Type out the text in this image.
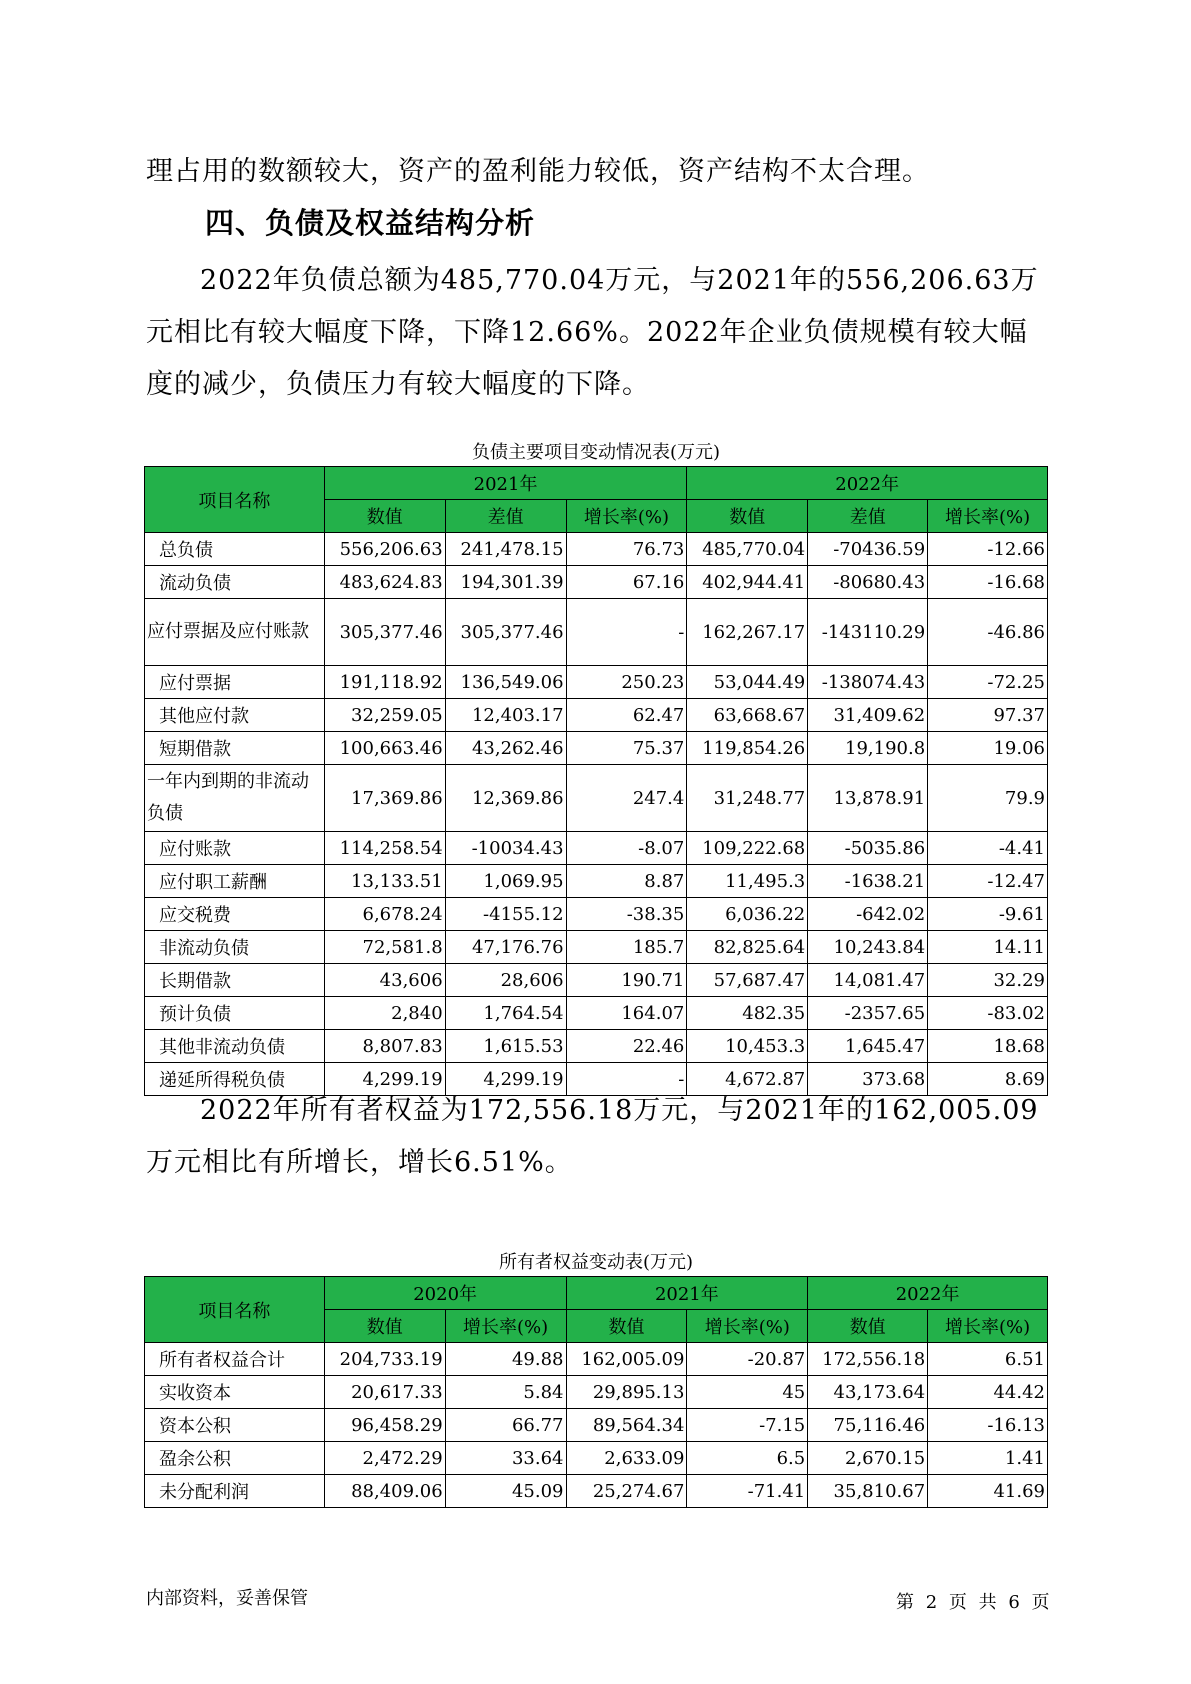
理占用的数额较大，资产的盈利能力较低，资产结构不太合理。
四、负债及权益结构分析
2022年负债总额为485,770.04万元，与2021年的556,206.63万元相比有较大幅度下降，下降12.66%。2022年企业负债规模有较大幅度的减少，负债压力有较大幅度的下降。
负债主要项目变动情况表(万元)
项目名称	2021年			2022年		
	数值	差值	增长率(%)	数值	差值	增长率(%)
总负债	556,206.63	241,478.15	76.73	485,770.04	-70436.59	-12.66
流动负债	483,624.83	194,301.39	67.16	402,944.41	-80680.43	-16.68
应付票据及应付账款	305,377.46	305,377.46	-	162,267.17	-143110.29	-46.86
应付票据	191,118.92	136,549.06	250.23	53,044.49	-138074.43	-72.25
其他应付款	32,259.05	12,403.17	62.47	63,668.67	31,409.62	97.37
短期借款	100,663.46	43,262.46	75.37	119,854.26	19,190.8	19.06
一年内到期的非流动负债	17,369.86	12,369.86	247.4	31,248.77	13,878.91	79.9
应付账款	114,258.54	-10034.43	-8.07	109,222.68	-5035.86	-4.41
应付职工薪酬	13,133.51	1,069.95	8.87	11,495.3	-1638.21	-12.47
应交税费	6,678.24	-4155.12	-38.35	6,036.22	-642.02	-9.61
非流动负债	72,581.8	47,176.76	185.7	82,825.64	10,243.84	14.11
长期借款	43,606	28,606	190.71	57,687.47	14,081.47	32.29
预计负债	2,840	1,764.54	164.07	482.35	-2357.65	-83.02
其他非流动负债	8,807.83	1,615.53	22.46	10,453.3	1,645.47	18.68
递延所得税负债	4,299.19	4,299.19	-	4,672.87	373.68	8.69
2022年所有者权益为172,556.18万元，与2021年的162,005.09万元相比有所增长，增长6.51%。
所有者权益变动表(万元)
项目名称	2020年		2021年		2022年	
	数值	增长率(%)	数值	增长率(%)	数值	增长率(%)
所有者权益合计	204,733.19	49.88	162,005.09	-20.87	172,556.18	6.51
实收资本	20,617.33	5.84	29,895.13	45	43,173.64	44.42
资本公积	96,458.29	66.77	89,564.34	-7.15	75,116.46	-16.13
盈余公积	2,472.29	33.64	2,633.09	6.5	2,670.15	1.41
未分配利润	88,409.06	45.09	25,274.67	-71.41	35,810.67	41.69
内部资料，妥善保管	第 2 页 共 6 页
